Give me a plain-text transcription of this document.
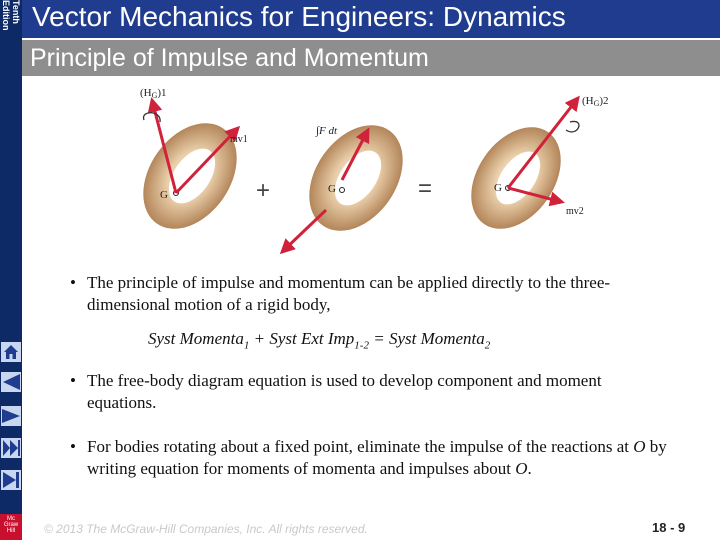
Tenth Edition Vector Mechanics for Engineers: Dynamics
Principle of Impulse and Momentum
Mc Graw Hill
(HG)1
mv1
∫F dt
(HG)2
mv2
G	G	G
+	=
• The principle of impulse and momentum can be applied directly to the three-dimensional motion of a rigid body,
Syst Momenta$_1$ + Syst Ext Imp$_{1-2}$ = Syst Momenta$_2$
• The free-body diagram equation is used to develop component and moment equations.
• For bodies rotating about a fixed point, eliminate the impulse of the reactions at O by writing equation for moments of momenta and impulses about O.
© 2013 The McGraw-Hill Companies, Inc. All rights reserved.	18 - 9
